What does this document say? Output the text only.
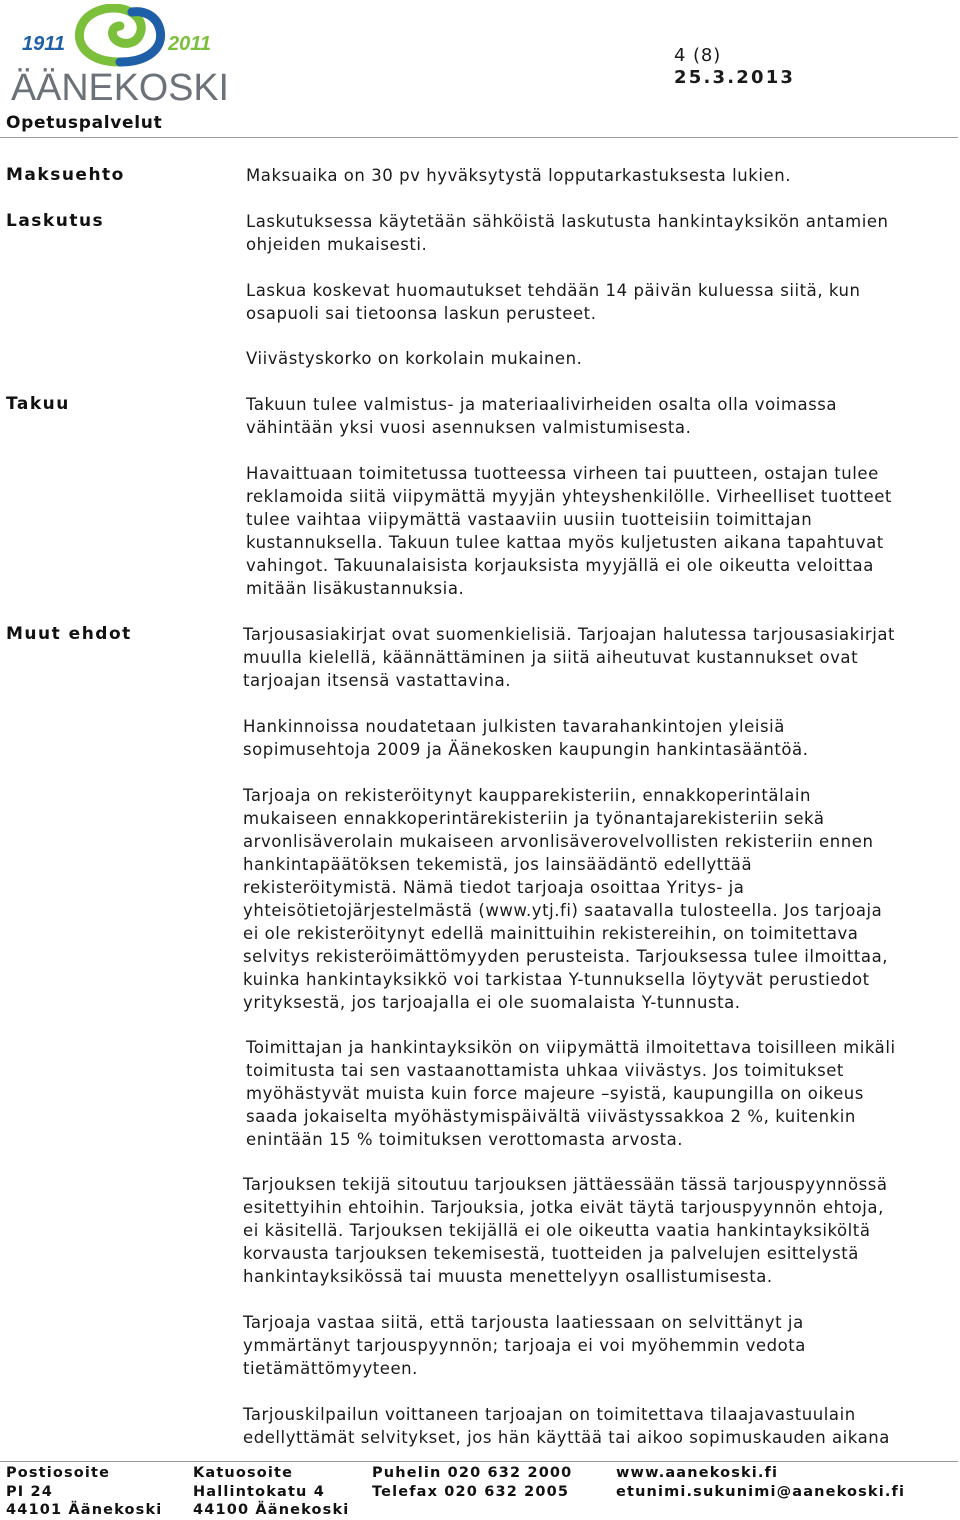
1911	2011
ÄÄNEKOSKI
Opetuspalvelut
4 (8)
25.3.2013
Maksuehto	Maksuaika on 30 pv hyväksytystä lopputarkastuksesta lukien.

Laskutus	Laskutuksessa käytetään sähköistä laskutusta hankintayksikön antamien
ohjeiden mukaisesti.

Laskua koskevat huomautukset tehdään 14 päivän kuluessa siitä, kun
osapuoli sai tietoonsa laskun perusteet.

Viivästyskorko on korkolain mukainen.

Takuu	Takuun tulee valmistus- ja materiaalivirheiden osalta olla voimassa
vähintään yksi vuosi asennuksen valmistumisesta.

Havaittuaan toimitetussa tuotteessa virheen tai puutteen, ostajan tulee
reklamoida siitä viipymättä myyjän yhteyshenkilölle. Virheelliset tuotteet
tulee vaihtaa viipymättä vastaaviin uusiin tuotteisiin toimittajan
kustannuksella. Takuun tulee kattaa myös kuljetusten aikana tapahtuvat
vahingot. Takuunalaisista korjauksista myyjällä ei ole oikeutta veloittaa
mitään lisäkustannuksia.

Muut ehdot	Tarjousasiakirjat ovat suomenkielisiä. Tarjoajan halutessa tarjousasiakirjat
muulla kielellä, käännättäminen ja siitä aiheutuvat kustannukset ovat
tarjoajan itsensä vastattavina.

Hankinnoissa noudatetaan julkisten tavarahankintojen yleisiä
sopimusehtoja 2009 ja Äänekosken kaupungin hankintasääntöä.

Tarjoaja on rekisteröitynyt kaupparekisteriin, ennakkoperintälain
mukaiseen ennakkoperintärekisteriin ja työnantajarekisteriin sekä
arvonlisäverolain mukaiseen arvonlisäverovelvollisten rekisteriin ennen
hankintapäätöksen tekemistä, jos lainsäädäntö edellyttää
rekisteröitymistä. Nämä tiedot tarjoaja osoittaa Yritys- ja
yhteisötietojärjestelmästä (www.ytj.fi) saatavalla tulosteella. Jos tarjoaja
ei ole rekisteröitynyt edellä mainittuihin rekistereihin, on toimitettava
selvitys rekisteröimättömyyden perusteista. Tarjouksessa tulee ilmoittaa,
kuinka hankintayksikkö voi tarkistaa Y-tunnuksella löytyvät perustiedot
yrityksestä, jos tarjoajalla ei ole suomalaista Y-tunnusta.

Toimittajan ja hankintayksikön on viipymättä ilmoitettava toisilleen mikäli
toimitusta tai sen vastaanottamista uhkaa viivästys. Jos toimitukset
myöhästyvät muista kuin force majeure –syistä, kaupungilla on oikeus
saada jokaiselta myöhästymispäivältä viivästyssakkoa 2 %, kuitenkin
enintään 15 % toimituksen verottomasta arvosta.

Tarjouksen tekijä sitoutuu tarjouksen jättäessään tässä tarjouspyynnössä
esitettyihin ehtoihin. Tarjouksia, jotka eivät täytä tarjouspyynnön ehtoja,
ei käsitellä. Tarjouksen tekijällä ei ole oikeutta vaatia hankintayksiköltä
korvausta tarjouksen tekemisestä, tuotteiden ja palvelujen esittelystä
hankintayksikössä tai muusta menettelyyn osallistumisesta.

Tarjoaja vastaa siitä, että tarjousta laatiessaan on selvittänyt ja
ymmärtänyt tarjouspyynnön; tarjoaja ei voi myöhemmin vedota
tietämättömyyteen.

Tarjouskilpailun voittaneen tarjoajan on toimitettava tilaajavastuulain
edellyttämät selvitykset, jos hän käyttää tai aikoo sopimuskauden aikana

Postiosoite
PI 24
44101 Äänekoski
Katuosoite
Hallintokatu 4
44100 Äänekoski
Puhelin 020 632 2000
Telefax 020 632 2005
www.aanekoski.fi
etunimi.sukunimi@aanekoski.fi
